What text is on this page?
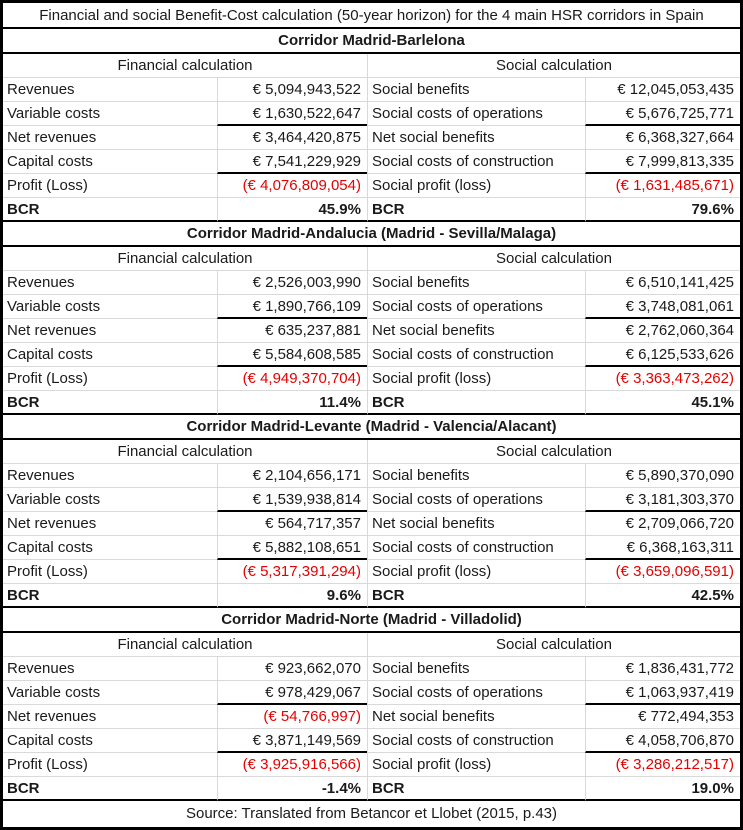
Financial and social Benefit-Cost calculation (50-year horizon) for the 4 main HSR corridors in Spain
Corridor Madrid-Barlelona
Financial calculation	Social calculation
Revenues	€ 5,094,943,522 Social benefits	€ 12,045,053,435
Variable costs	€ 1,630,522,647 Social costs of operations	€ 5,676,725,771
Net revenues	€ 3,464,420,875 Net social benefits	€ 6,368,327,664
Capital costs	€ 7,541,229,929 Social costs of construction	€ 7,999,813,335
Profit (Loss)	(€ 4,076,809,054) Social profit (loss)	(€ 1,631,485,671)
BCR	45.9% BCR	79.6%
Corridor Madrid-Andalucia (Madrid - Sevilla/Malaga)
Financial calculation	Social calculation
Revenues	€ 2,526,003,990 Social benefits	€ 6,510,141,425
Variable costs	€ 1,890,766,109 Social costs of operations	€ 3,748,081,061
Net revenues	€ 635,237,881 Net social benefits	€ 2,762,060,364
Capital costs	€ 5,584,608,585 Social costs of construction	€ 6,125,533,626
Profit (Loss)	(€ 4,949,370,704) Social profit (loss)	(€ 3,363,473,262)
BCR	11.4% BCR	45.1%
Corridor Madrid-Levante (Madrid - Valencia/Alacant)
Financial calculation	Social calculation
Revenues	€ 2,104,656,171 Social benefits	€ 5,890,370,090
Variable costs	€ 1,539,938,814 Social costs of operations	€ 3,181,303,370
Net revenues	€ 564,717,357 Net social benefits	€ 2,709,066,720
Capital costs	€ 5,882,108,651 Social costs of construction	€ 6,368,163,311
Profit (Loss)	(€ 5,317,391,294) Social profit (loss)	(€ 3,659,096,591)
BCR	9.6% BCR	42.5%
Corridor Madrid-Norte (Madrid - Villadolid)
Financial calculation	Social calculation
Revenues	€ 923,662,070 Social benefits	€ 1,836,431,772
Variable costs	€ 978,429,067 Social costs of operations	€ 1,063,937,419
Net revenues	(€ 54,766,997) Net social benefits	€ 772,494,353
Capital costs	€ 3,871,149,569 Social costs of construction	€ 4,058,706,870
Profit (Loss)	(€ 3,925,916,566) Social profit (loss)	(€ 3,286,212,517)
BCR	-1.4% BCR	19.0%
Source: Translated from Betancor et Llobet (2015, p.43)
